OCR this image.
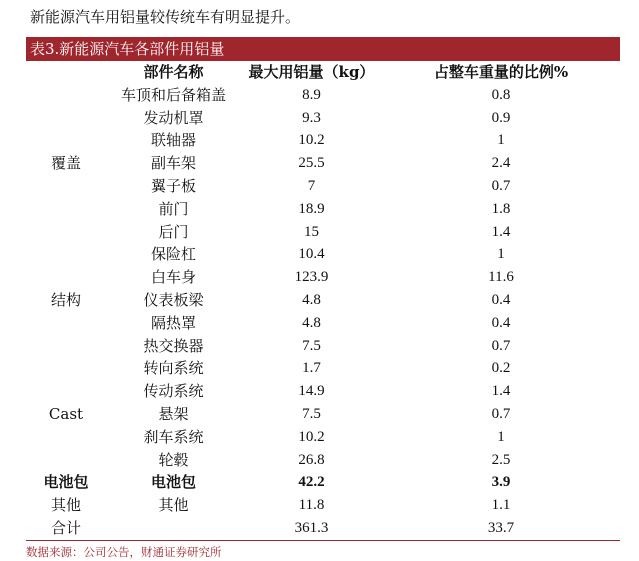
新能源汽车用铝量较传统车有明显提升。
表3.新能源汽车各部件用铝量
	部件名称	最大用铝量（kg）	占整车重量的比例%
覆盖	车顶和后备箱盖	8.9	0.8
	发动机罩	9.3	0.9
	联轴器	10.2	1
	副车架	25.5	2.4
	翼子板	7	0.7
	前门	18.9	1.8
	后门	15	1.4
结构	保险杠	10.4	1
	白车身	123.9	11.6
	仪表板梁	4.8	0.4
	隔热罩	4.8	0.4
	热交换器	7.5	0.7
Cast	转向系统	1.7	0.2
	传动系统	14.9	1.4
	悬架	7.5	0.7
	刹车系统	10.2	1
	轮毂	26.8	2.5
电池包	电池包	42.2	3.9
其他	其他	11.8	1.1
合计		361.3	33.7
数据来源：公司公告，财通证券研究所
